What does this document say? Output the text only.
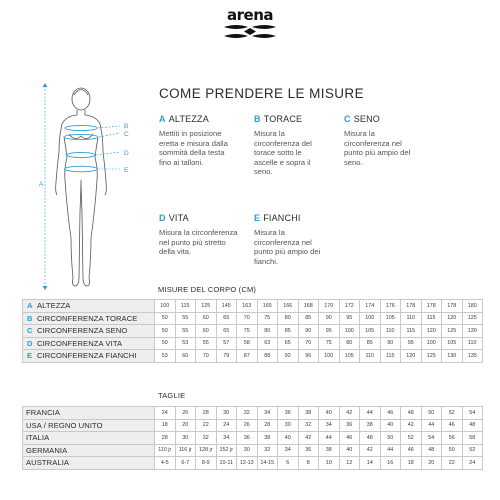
arena
A
B
C
D
E
COME PRENDERE LE MISURE
A ALTEZZA
Mettiti in posizione
eretta e misura dalla
sommità della testa
fino ai talloni.
B TORACE
Misura la
circonferenza del
torace sotto le
ascelle e sopra il
seno.
C SENO
Misura la
circonferenza nel
punto più ampio del
seno.
D VITA
Misura la circonferenza
nel punto più stretto
della vita.
E FIANCHI
Misura la
circonferenza nel
punto più ampio dei
fianchi.
MISURE DEL CORPO (CM)
A ALTEZZA	100	115	125	145	163	165	166	168	170	172	174	176	178	178	178	180
B CIRCONFERENZA TORACE	50	55	60	65	70	75	80	85	90	95	100	105	110	115	120	125
C CIRCONFERENZA SENO	50	55	60	65	75	80	85	90	95	100	105	110	115	120	125	130
D CIRCONFERENZA VITA	50	53	55	57	58	63	65	70	75	80	85	90	95	100	105	110
E CIRCONFERENZA FIANCHI	53	60	70	79	87	88	92	96	100	105	110	115	120	125	130	135
TAGLIE
FRANCIA	24	26	28	30	32	34	36	38	40	42	44	46	48	50	52	54
USA / REGNO UNITO	18	20	22	24	26	28	30	32	34	36	38	40	42	44	46	48
ITALIA	28	30	32	34	36	38	40	42	44	46	48	50	52	54	56	58
GERMANIA	110 jr	116 jr	128 jr	152 jr	30	32	34	36	38	40	42	44	46	48	50	52
AUSTRALIA	4-5	6-7	8-9	10-11	12-13	14-15	6	8	10	12	14	16	18	20	22	24
